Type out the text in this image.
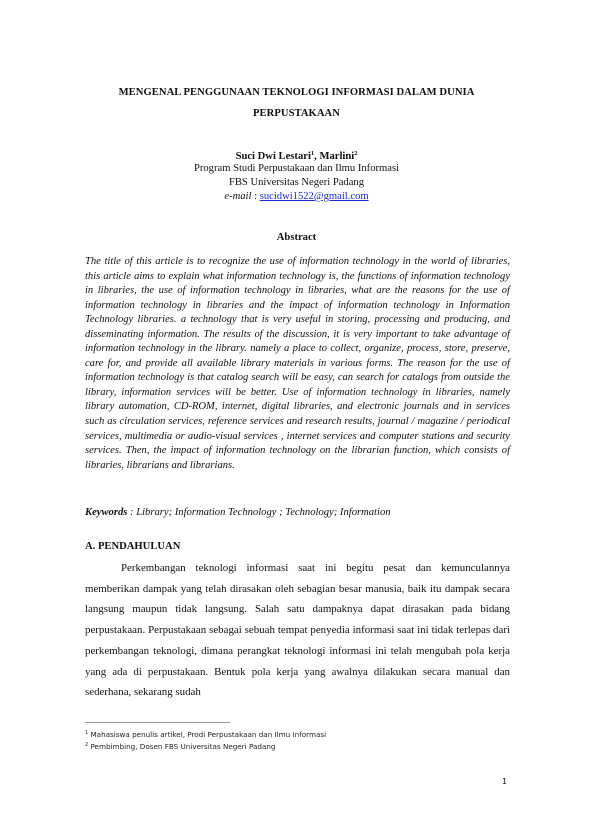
MENGENAL PENGGUNAAN TEKNOLOGI INFORMASI DALAM DUNIA
PERPUSTAKAAN
Suci Dwi Lestari$^1$, Marlini$^2$
Program Studi Perpustakaan dan Ilmu Informasi
FBS Universitas Negeri Padang
e-mail : sucidwi1522@gmail.com
Abstract
The title of this article is to recognize the use of information technology in the world of libraries, this article aims to explain what information technology is, the functions of information technology in libraries, the use of information technology in libraries, what are the reasons for the use of information technology in libraries and the impact of information technology in Information Technology libraries. a technology that is very useful in storing, processing and producing, and disseminating information. The results of the discussion, it is very important to take advantage of information technology in the library. namely a place to collect, organize, process, store, preserve, care for, and provide all available library materials in various forms. The reason for the use of information technology is that catalog search will be easy, can search for catalogs from outside the library, information services will be better. Use of information technology in libraries, namely library automation, CD-ROM, internet, digital libraries, and electronic journals and in services such as circulation services, reference services and research results, journal / magazine / periodical services, multimedia or audio-visual services , internet services and computer stations and security services. Then, the impact of information technology on the librarian function, which consists of libraries, librarians and librarians.
Keywords : Library; Information Technology ; Technology; Information
A. PENDAHULUAN
Perkembangan teknologi informasi saat ini begitu pesat dan kemunculannya memberikan dampak yang telah dirasakan oleh sebagian besar manusia, baik itu dampak secara langsung maupun tidak langsung. Salah satu dampaknya dapat dirasakan pada bidang perpustakaan. Perpustakaan sebagai sebuah tempat penyedia informasi saat ini tidak terlepas dari perkembangan teknologi, dimana perangkat teknologi informasi ini telah mengubah pola kerja yang ada di perpustakaan. Bentuk pola kerja yang awalnya dilakukan secara manual dan sederhana, sekarang sudah
$^1$ Mahasiswa penulis artikel, Prodi Perpustakaan dan Ilmu Informasi
$^2$ Pembimbing, Dosen FBS Universitas Negeri Padang
1
